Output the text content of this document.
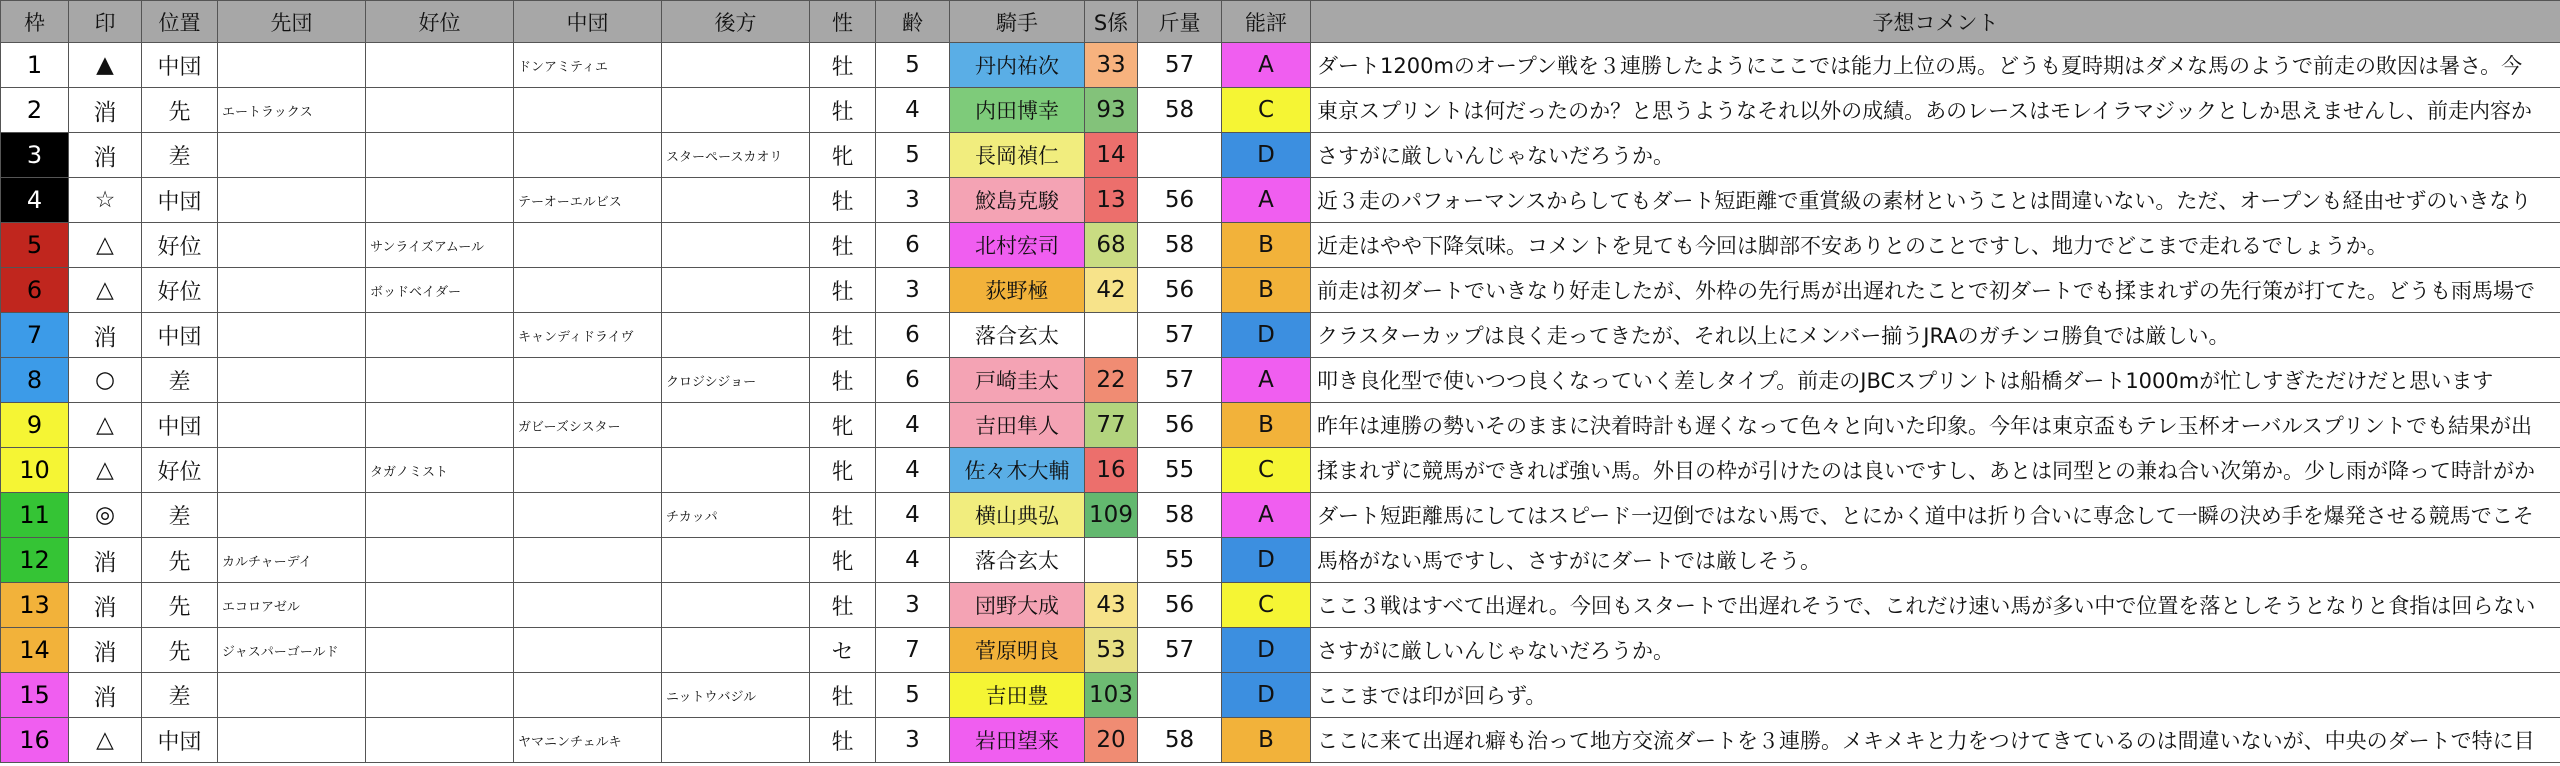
枠	印	位置	先団	好位	中団	後方	性	齢	騎手	S係	斤量	能評	予想コメント
1	▲	中団			ドンアミティエ		牡	5	丹内祐次	33	57	A	ダート1200mのオープン戦を３連勝したようにここでは能力上位の馬。どうも夏時期はダメな馬のようで前走の敗因は暑さ。今
2	消	先	エートラックス				牡	4	内田博幸	93	58	C	東京スプリントは何だったのか？と思うようなそれ以外の成績。あのレースはモレイラマジックとしか思えませんし、前走内容か
3	消	差				スターペースカオリ	牝	5	長岡禎仁	14		D	さすがに厳しいんじゃないだろうか。
4	☆	中団			テーオーエルビス		牡	3	鮫島克駿	13	56	A	近３走のパフォーマンスからしてもダート短距離で重賞級の素材ということは間違いない。ただ、オープンも経由せずのいきなり
5	△	好位		サンライズアムール			牡	6	北村宏司	68	58	B	近走はやや下降気味。コメントを見ても今回は脚部不安ありとのことですし、地力でどこまで走れるでしょうか。
6	△	好位		ボッドベイダー			牡	3	荻野極	42	56	B	前走は初ダートでいきなり好走したが、外枠の先行馬が出遅れたことで初ダートでも揉まれずの先行策が打てた。どうも雨馬場で
7	消	中団			キャンディドライヴ		牡	6	落合玄太		57	D	クラスターカップは良く走ってきたが、それ以上にメンバー揃うJRAのガチンコ勝負では厳しい。
8	○	差				クロジシジョー	牡	6	戸崎圭太	22	57	A	叩き良化型で使いつつ良くなっていく差しタイプ。前走のJBCスプリントは船橋ダート1000mが忙しすぎただけだと思います
9	△	中団			ガビーズシスター		牝	4	吉田隼人	77	56	B	昨年は連勝の勢いそのままに決着時計も遅くなって色々と向いた印象。今年は東京盃もテレ玉杯オーバルスプリントでも結果が出
10	△	好位		タガノミスト			牝	4	佐々木大輔	16	55	C	揉まれずに競馬ができれば強い馬。外目の枠が引けたのは良いですし、あとは同型との兼ね合い次第か。少し雨が降って時計がか
11	◎	差				チカッパ	牡	4	横山典弘	109	58	A	ダート短距離馬にしてはスピード一辺倒ではない馬で、とにかく道中は折り合いに専念して一瞬の決め手を爆発させる競馬でこそ
12	消	先	カルチャーデイ				牝	4	落合玄太		55	D	馬格がない馬ですし、さすがにダートでは厳しそう。
13	消	先	エコロアゼル				牡	3	団野大成	43	56	C	ここ３戦はすべて出遅れ。今回もスタートで出遅れそうで、これだけ速い馬が多い中で位置を落としそうとなりと食指は回らない
14	消	先	ジャスパーゴールド				セ	7	菅原明良	53	57	D	さすがに厳しいんじゃないだろうか。
15	消	差				ニットウバジル	牡	5	吉田豊	103		D	ここまでは印が回らず。
16	△	中団			ヤマニンチェルキ		牡	3	岩田望来	20	58	B	ここに来て出遅れ癖も治って地方交流ダートを３連勝。メキメキと力をつけてきているのは間違いないが、中央のダートで特に目
